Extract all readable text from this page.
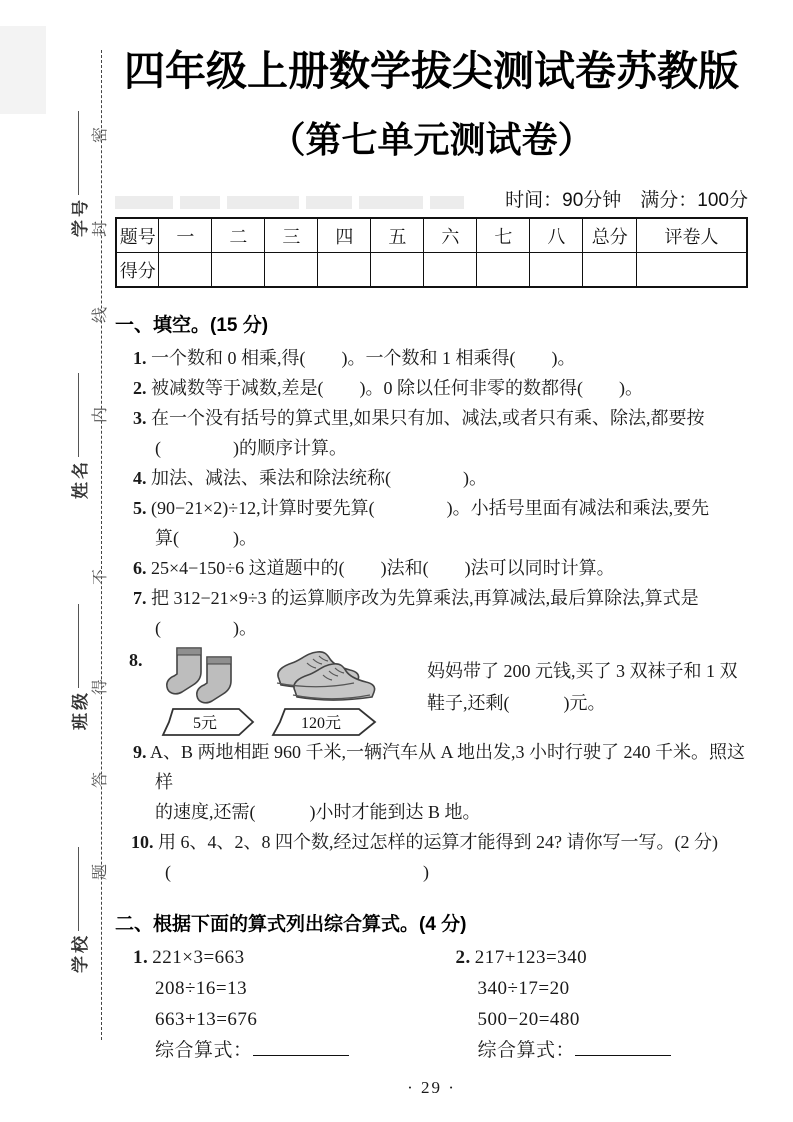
密
封
线
内
不
得
答
题
学号
姓名
班级
学校
四年级上册数学拔尖测试卷苏教版
（第七单元测试卷）
时间：90分钟　满分：100分
题号	一	二	三	四	五	六	七	八	总分	评卷人
得分										
一、填空。(15 分)
1. 一个数和 0 相乘,得(　　)。一个数和 1 相乘得(　　)。
2. 被减数等于减数,差是(　　)。0 除以任何非零的数都得(　　)。
3. 在一个没有括号的算式里,如果只有加、减法,或者只有乘、除法,都要按
(　　　　)的顺序计算。
4. 加法、减法、乘法和除法统称(　　　　)。
5. (90−21×2)÷12,计算时要先算(　　　　)。小括号里面有减法和乘法,要先
算(　　　)。
6. 25×4−150÷6 这道题中的(　　)法和(　　)法可以同时计算。
7. 把 312−21×9÷3 的运算顺序改为先算乘法,再算减法,最后算除法,算式是
(　　　　)。
8.
5元	120元
妈妈带了 200 元钱,买了 3 双袜子和 1 双鞋子,还剩(　　　)元。
9. A、B 两地相距 960 千米,一辆汽车从 A 地出发,3 小时行驶了 240 千米。照这样
的速度,还需(　　　)小时才能到达 B 地。
10. 用 6、4、2、8 四个数,经过怎样的运算才能得到 24? 请你写一写。(2 分)
(　　　　　　　　　　　　　　)
二、根据下面的算式列出综合算式。(4 分)
1. 221×3=663
208÷16=13
663+13=676
综合算式：
2. 217+123=340
340÷17=20
500−20=480
综合算式：
· 29 ·
